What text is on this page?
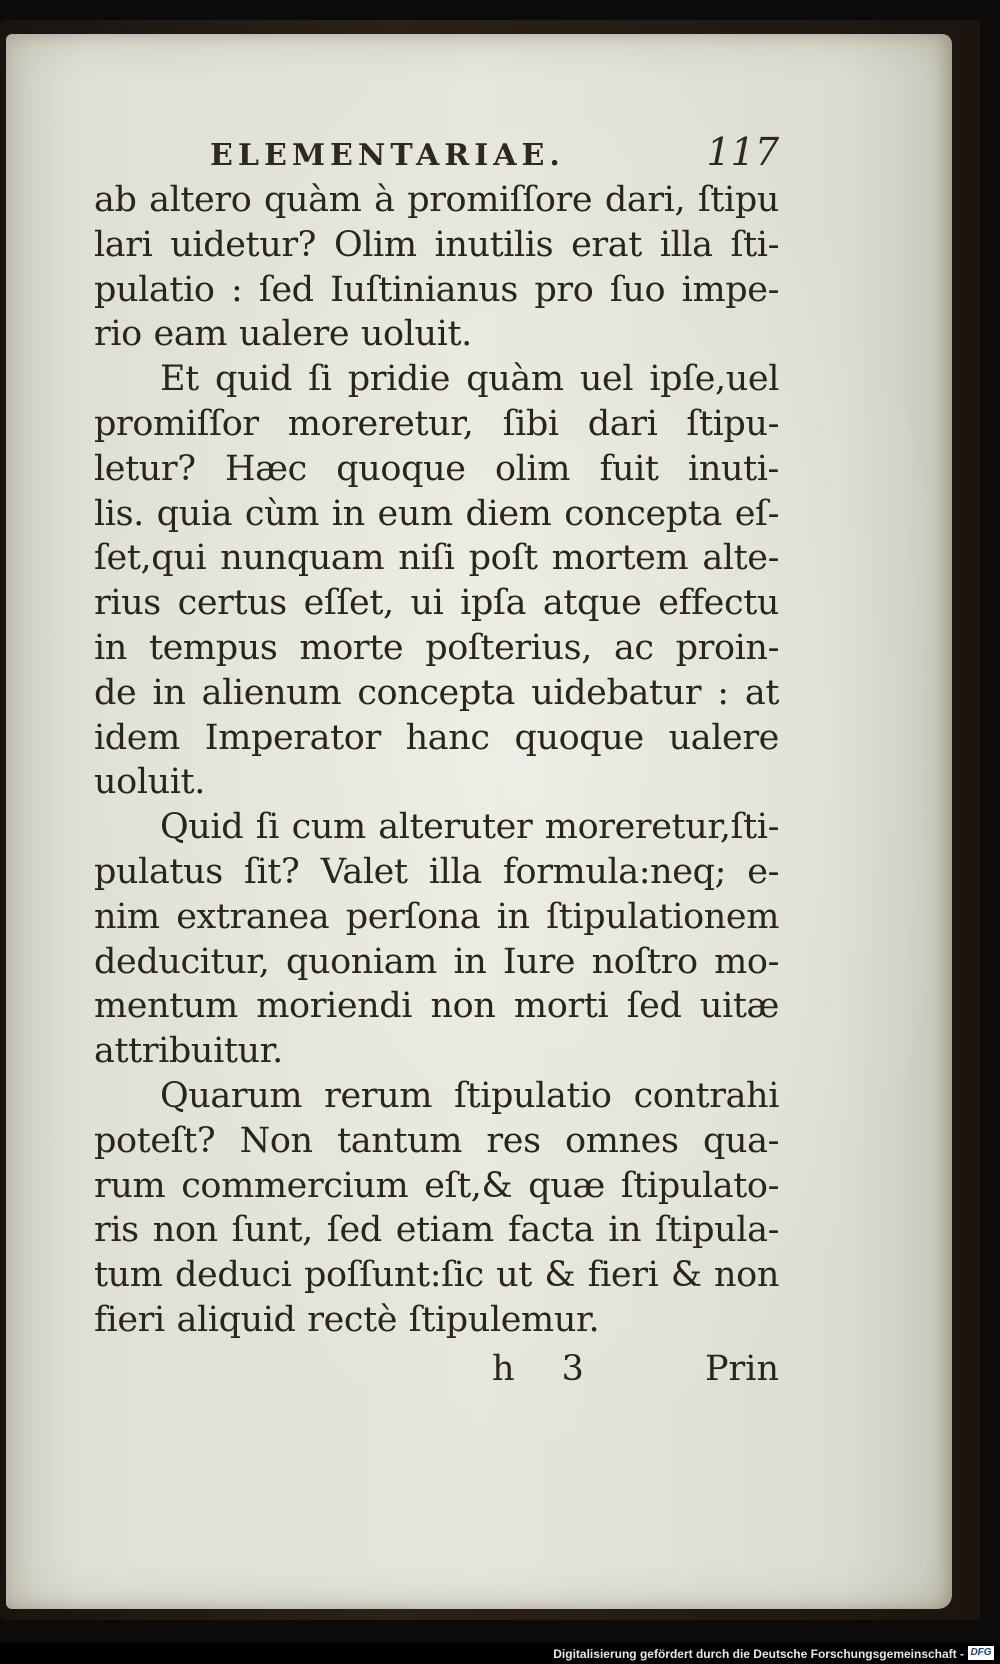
ELEMENTARIAE.	117
ab altero quàm à promiſſore dari, ſtipu
lari uidetur? Olim inutilis erat illa ſti-
pulatio : ſed Iuſtinianus pro ſuo impe-
rio eam ualere uoluit.
Et quid ſi pridie quàm uel ipſe,uel
promiſſor moreretur, ſibi dari ſtipu-
letur? Hæc quoque olim fuit inuti-
lis. quia cùm in eum diem concepta eſ-
ſet,qui nunquam niſi poſt mortem alte-
rius certus eſſet, ui ipſa atque effectu
in tempus morte poſterius, ac proin-
de in alienum concepta uidebatur : at
idem Imperator hanc quoque ualere
uoluit.
Quid ſi cum alteruter moreretur,ſti-
pulatus ſit? Valet illa formula:neq; e-
nim extranea perſona in ſtipulationem
deducitur, quoniam in Iure noſtro mo-
mentum moriendi non morti ſed uitæ
attribuitur.
Quarum rerum ſtipulatio contrahi
poteſt? Non tantum res omnes qua-
rum commercium eſt,& quæ ſtipulato-
ris non ſunt, ſed etiam facta in ſtipula-
tum deduci poſſunt:ſic ut & fieri & non
fieri aliquid rectè ſtipulemur.
h 3	Prin
Digitalisierung gefördert durch die Deutsche Forschungsgemeinschaft - DFG
